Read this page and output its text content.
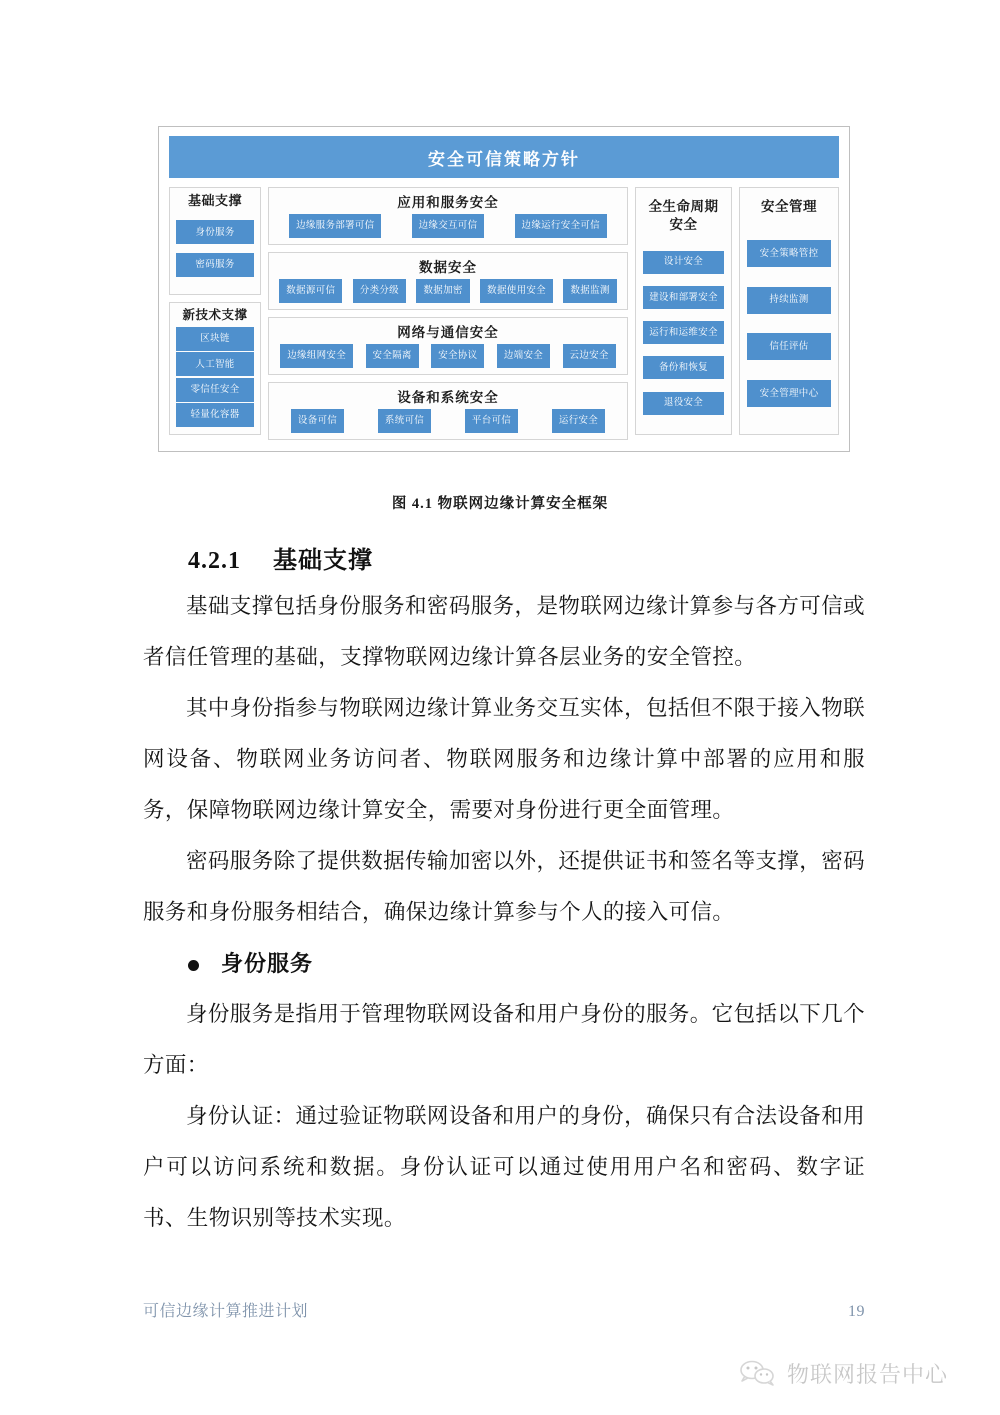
安全可信策略方针
基础支撑
身份服务
密码服务
新技术支撑
区块链
人工智能
零信任安全
轻量化容器
应用和服务安全
边缘服务部署可信	边缘交互可信	边缘运行安全可信
数据安全
数据源可信	分类分级	数据加密	数据使用安全	数据监测
网络与通信安全
边缘组网安全	安全隔离	安全协议	边端安全	云边安全
设备和系统安全
设备可信	系统可信	平台可信	运行安全
全生命周期安全
设计安全
建设和部署安全
运行和运维安全
备份和恢复
退役安全
安全管理
安全策略管控
持续监测
信任评估
安全管理中心
图 4.1 物联网边缘计算安全框架
4.2.1 基础支撑

基础支撑包括身份服务和密码服务，是物联网边缘计算参与各方可信或者信任管理的基础，支撑物联网边缘计算各层业务的安全管控。

其中身份指参与物联网边缘计算业务交互实体，包括但不限于接入物联网设备、物联网业务访问者、物联网服务和边缘计算中部署的应用和服务，保障物联网边缘计算安全，需要对身份进行更全面管理。

密码服务除了提供数据传输加密以外，还提供证书和签名等支撑，密码服务和身份服务相结合，确保边缘计算参与个人的接入可信。

身份服务

身份服务是指用于管理物联网设备和用户身份的服务。它包括以下几个方面：

身份认证：通过验证物联网设备和用户的身份，确保只有合法设备和用户可以访问系统和数据。身份认证可以通过使用用户名和密码、数字证书、生物识别等技术实现。

可信边缘计算推进计划	19
物联网报告中心
